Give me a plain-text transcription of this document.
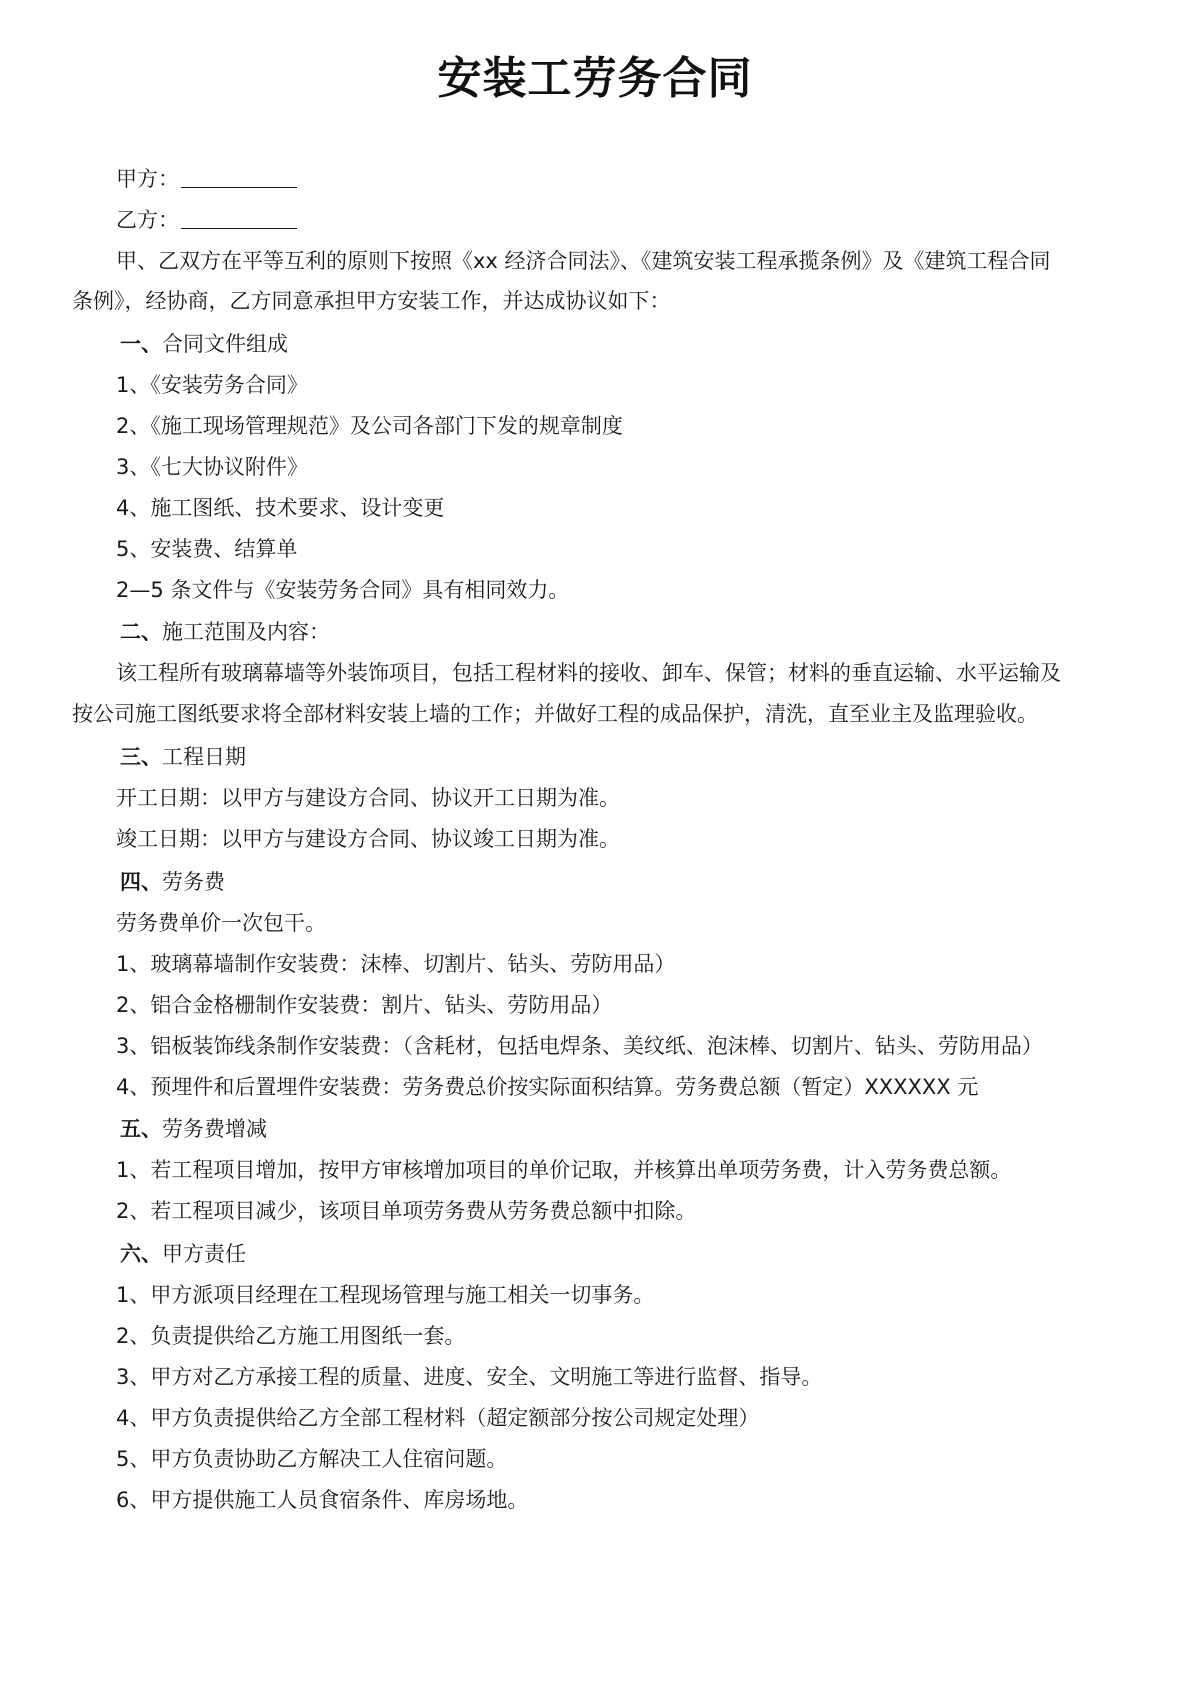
安装工劳务合同
甲方：
乙方：
甲、乙双方在平等互利的原则下按照《xx 经济合同法》、《建筑安装工程承揽条例》及《建筑工程合同
条例》，经协商，乙方同意承担甲方安装工作，并达成协议如下：
一、合同文件组成
1、《安装劳务合同》
2、《施工现场管理规范》及公司各部门下发的规章制度
3、《七大协议附件》
4、施工图纸、技术要求、设计变更
5、安装费、结算单
2—5 条文件与《安装劳务合同》具有相同效力。
二、施工范围及内容：
该工程所有玻璃幕墙等外装饰项目，包括工程材料的接收、卸车、保管；材料的垂直运输、水平运输及
按公司施工图纸要求将全部材料安装上墙的工作；并做好工程的成品保护，清洗，直至业主及监理验收。
三、工程日期
开工日期：以甲方与建设方合同、协议开工日期为准。
竣工日期：以甲方与建设方合同、协议竣工日期为准。
四、劳务费
劳务费单价一次包干。
1、玻璃幕墙制作安装费：沫棒、切割片、钻头、劳防用品）
2、铝合金格栅制作安装费：割片、钻头、劳防用品）
3、铝板装饰线条制作安装费：（含耗材，包括电焊条、美纹纸、泡沫棒、切割片、钻头、劳防用品）
4、预埋件和后置埋件安装费：劳务费总价按实际面积结算。劳务费总额（暂定）XXXXXX 元
五、劳务费增减
1、若工程项目增加，按甲方审核增加项目的单价记取，并核算出单项劳务费，计入劳务费总额。
2、若工程项目减少，该项目单项劳务费从劳务费总额中扣除。
六、甲方责任
1、甲方派项目经理在工程现场管理与施工相关一切事务。
2、负责提供给乙方施工用图纸一套。
3、甲方对乙方承接工程的质量、进度、安全、文明施工等进行监督、指导。
4、甲方负责提供给乙方全部工程材料（超定额部分按公司规定处理）
5、甲方负责协助乙方解决工人住宿问题。
6、甲方提供施工人员食宿条件、库房场地。
